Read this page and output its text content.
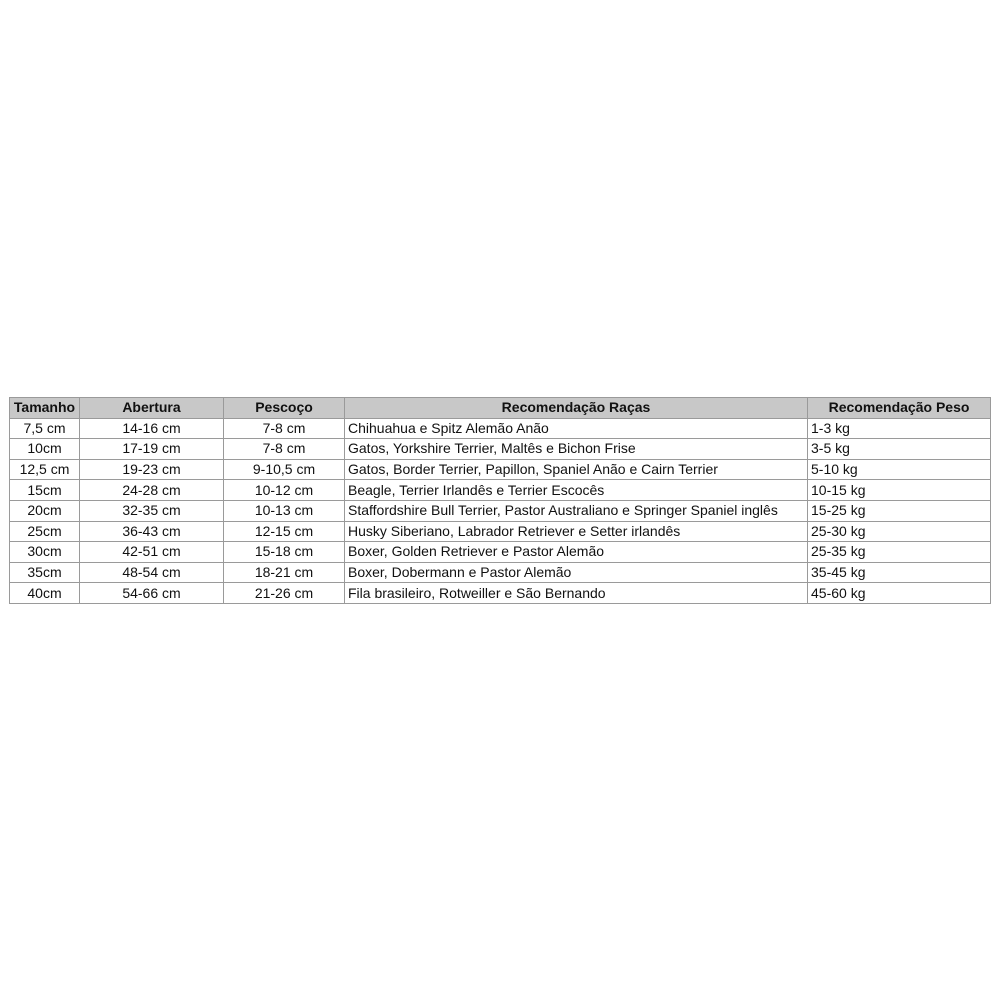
Tamanho	Abertura	Pescoço	Recomendação Raças	Recomendação Peso
7,5 cm	14-16 cm	7-8 cm	Chihuahua e Spitz Alemão Anão	1-3 kg
10cm	17-19 cm	7-8 cm	Gatos, Yorkshire Terrier, Maltês e Bichon Frise	3-5 kg
12,5 cm	19-23 cm	9-10,5 cm	Gatos, Border Terrier, Papillon, Spaniel Anão e Cairn Terrier	5-10 kg
15cm	24-28 cm	10-12 cm	Beagle, Terrier Irlandês e Terrier Escocês	10-15 kg
20cm	32-35 cm	10-13 cm	Staffordshire Bull Terrier, Pastor Australiano e Springer Spaniel inglês	15-25 kg
25cm	36-43 cm	12-15 cm	Husky Siberiano, Labrador Retriever e Setter irlandês	25-30 kg
30cm	42-51 cm	15-18 cm	Boxer, Golden Retriever e Pastor Alemão	25-35 kg
35cm	48-54 cm	18-21 cm	Boxer, Dobermann e Pastor Alemão	35-45 kg
40cm	54-66 cm	21-26 cm	Fila brasileiro, Rotweiller e São Bernando	45-60 kg
